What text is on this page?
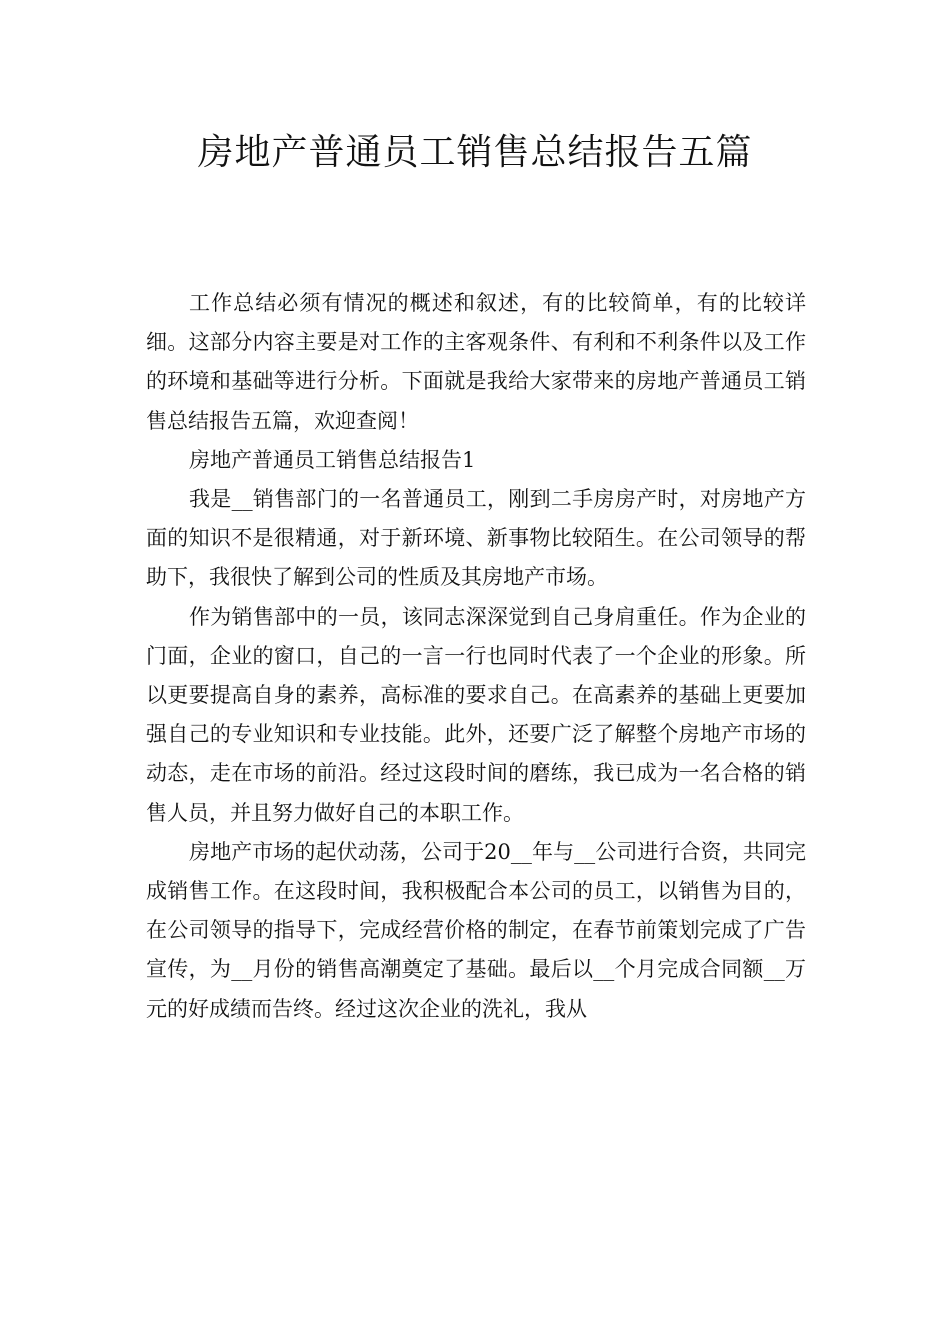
房地产普通员工销售总结报告五篇

工作总结必须有情况的概述和叙述，有的比较简单，有的比较详细。这部分内容主要是对工作的主客观条件、有利和不利条件以及工作的环境和基础等进行分析。下面就是我给大家带来的房地产普通员工销售总结报告五篇，欢迎查阅！

房地产普通员工销售总结报告1

我是__销售部门的一名普通员工，刚到二手房房产时，对房地产方面的知识不是很精通，对于新环境、新事物比较陌生。在公司领导的帮助下，我很快了解到公司的性质及其房地产市场。

作为销售部中的一员，该同志深深觉到自己身肩重任。作为企业的门面，企业的窗口，自己的一言一行也同时代表了一个企业的形象。所以更要提高自身的素养，高标准的要求自己。在高素养的基础上更要加强自己的专业知识和专业技能。此外，还要广泛了解整个房地产市场的动态，走在市场的前沿。经过这段时间的磨练，我已成为一名合格的销售人员，并且努力做好自己的本职工作。

房地产市场的起伏动荡，公司于20__年与__公司进行合资，共同完成销售工作。在这段时间，我积极配合本公司的员工，以销售为目的，在公司领导的指导下，完成经营价格的制定，在春节前策划完成了广告宣传，为__月份的销售高潮奠定了基础。最后以__个月完成合同额__万元的好成绩而告终。经过这次企业的洗礼，我从
